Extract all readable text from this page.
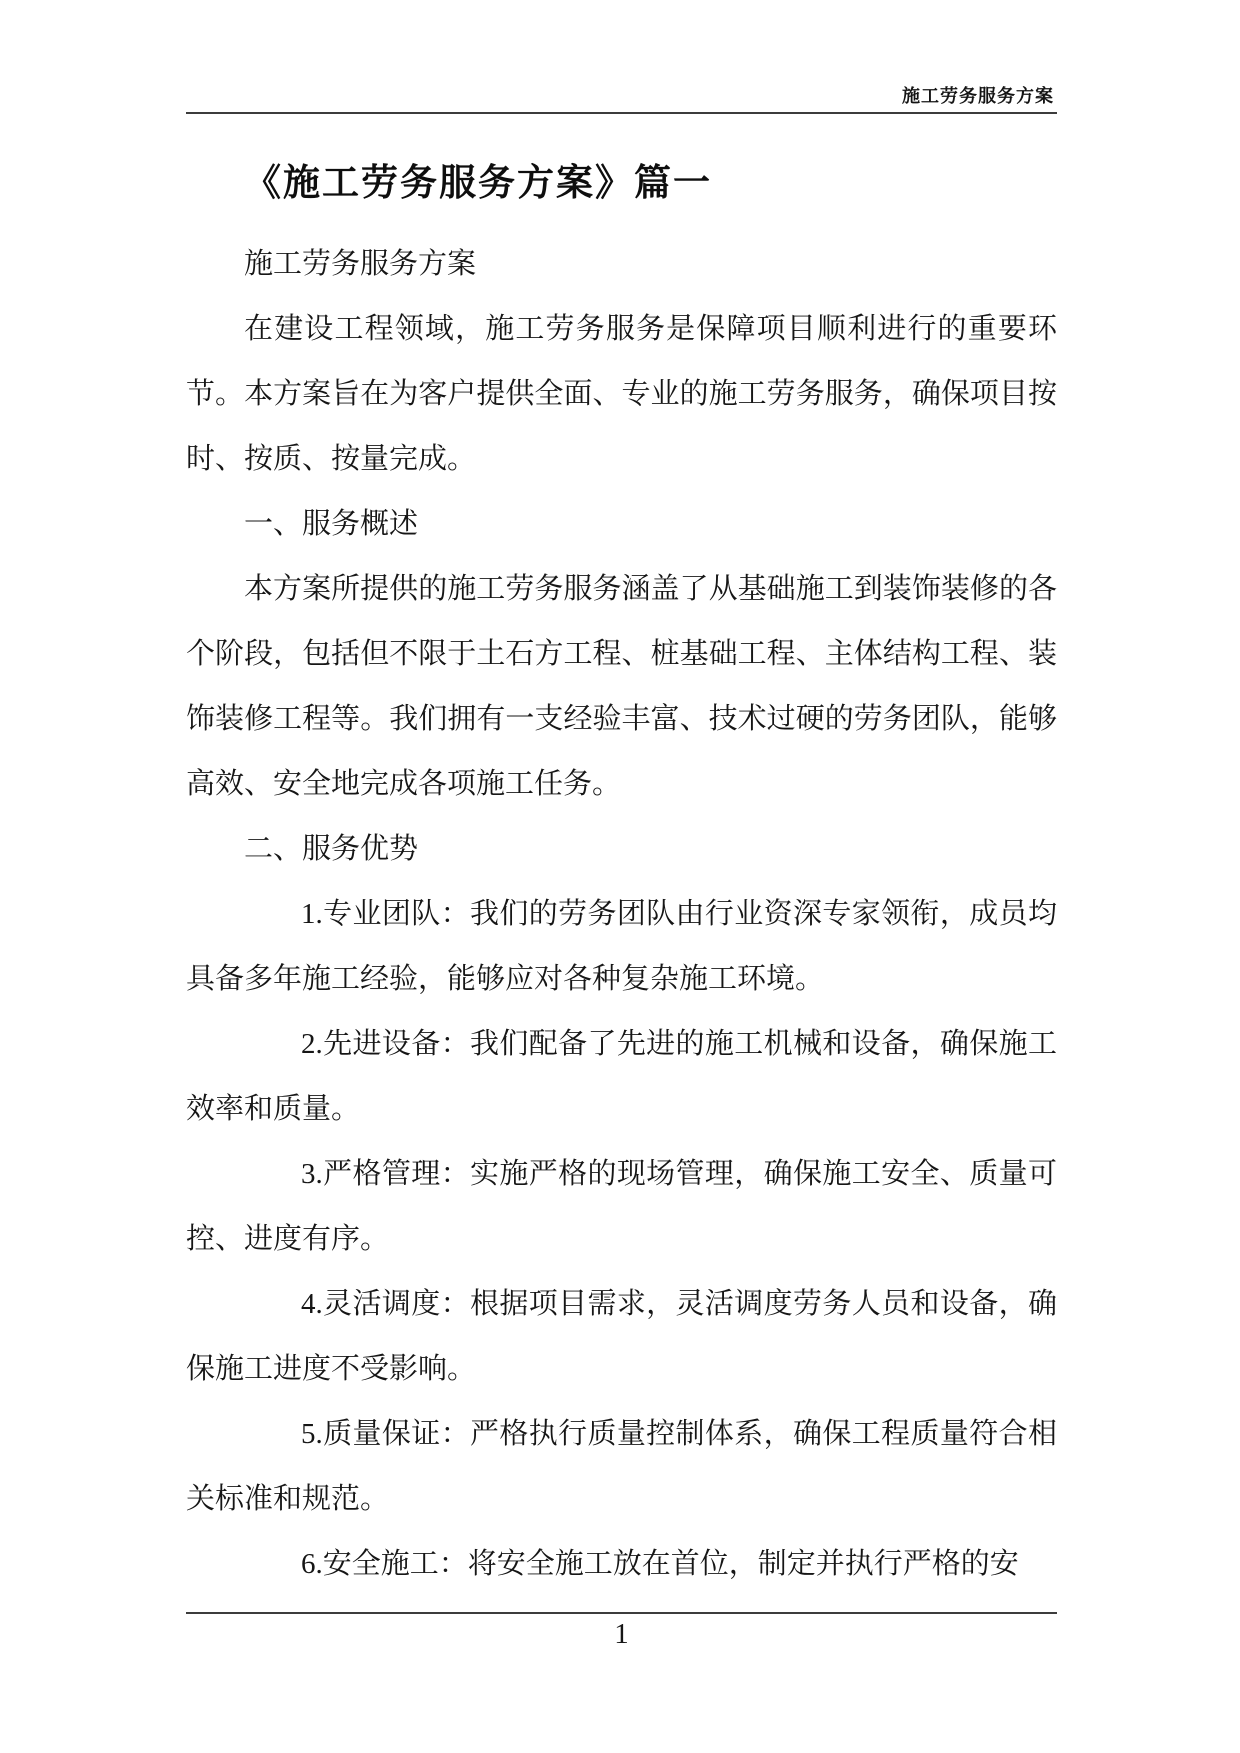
施工劳务服务方案
《施工劳务服务方案》篇一

施工劳务服务方案

在建设工程领域，施工劳务服务是保障项目顺利进行的重要环节。本方案旨在为客户提供全面、专业的施工劳务服务，确保项目按时、按质、按量完成。

一、服务概述

本方案所提供的施工劳务服务涵盖了从基础施工到装饰装修的各个阶段，包括但不限于土石方工程、桩基础工程、主体结构工程、装饰装修工程等。我们拥有一支经验丰富、技术过硬的劳务团队，能够高效、安全地完成各项施工任务。

二、服务优势

1.专业团队：我们的劳务团队由行业资深专家领衔，成员均具备多年施工经验，能够应对各种复杂施工环境。

2.先进设备：我们配备了先进的施工机械和设备，确保施工效率和质量。

3.严格管理：实施严格的现场管理，确保施工安全、质量可控、进度有序。

4.灵活调度：根据项目需求，灵活调度劳务人员和设备，确保施工进度不受影响。

5.质量保证：严格执行质量控制体系，确保工程质量符合相关标准和规范。

6.安全施工：将安全施工放在首位，制定并执行严格的安

1
